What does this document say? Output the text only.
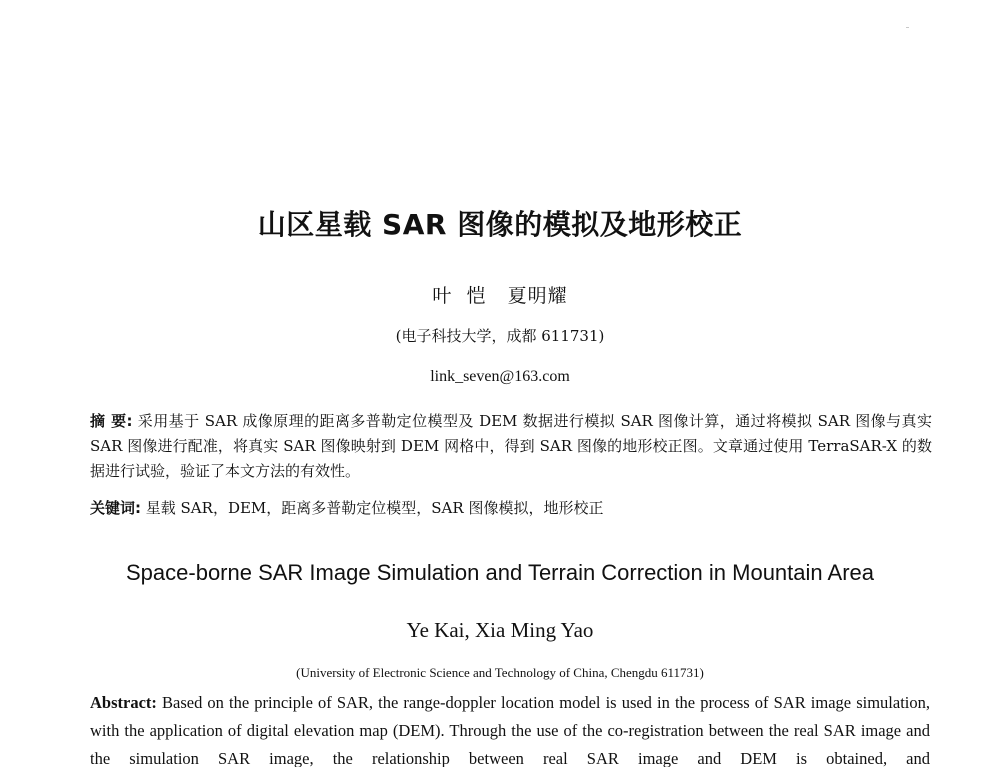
山区星载 SAR 图像的模拟及地形校正
叶  恺   夏明耀
(电子科技大学，成都 611731)
link_seven@163.com
摘 要: 采用基于 SAR 成像原理的距离多普勒定位模型及 DEM 数据进行模拟 SAR 图像计算，通过将模拟 SAR 图像与真实 SAR 图像进行配准，将真实 SAR 图像映射到 DEM 网格中，得到 SAR 图像的地形校正图。文章通过使用 TerraSAR-X 的数据进行试验，验证了本文方法的有效性。
关键词: 星载 SAR，DEM，距离多普勒定位模型，SAR 图像模拟，地形校正
Space-borne SAR Image Simulation and Terrain Correction in Mountain Area
Ye Kai, Xia Ming Yao
(University of Electronic Science and Technology of China, Chengdu 611731)
Abstract: Based on the principle of SAR, the range-doppler location model is used in the process of SAR image simulation, with the application of digital elevation map (DEM). Through the use of the co-registration between the real SAR image and the simulation SAR image, the relationship between real SAR image and DEM is obtained, and
